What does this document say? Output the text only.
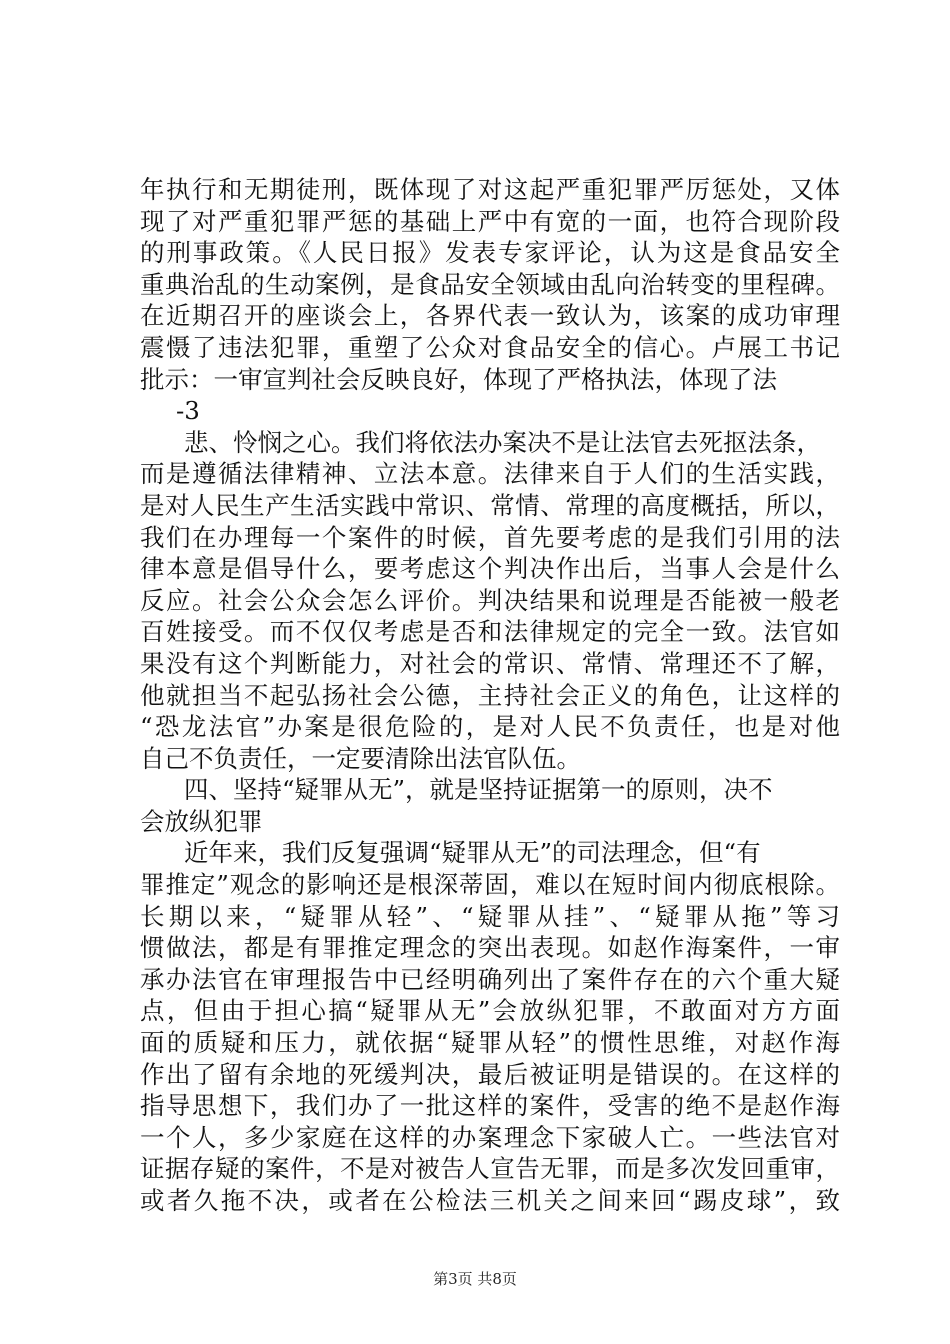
年执行和无期徒刑，既体现了对这起严重犯罪严厉惩处，又体
现了对严重犯罪严惩的基础上严中有宽的一面，也符合现阶段
的刑事政策。《人民日报》发表专家评论，认为这是食品安全
重典治乱的生动案例，是食品安全领域由乱向治转变的里程碑。
在近期召开的座谈会上，各界代表一致认为，该案的成功审理
震慑了违法犯罪，重塑了公众对食品安全的信心。卢展工书记
批示：一审宣判社会反映良好，体现了严格执法，体现了法
-3
悲、怜悯之心。我们将依法办案决不是让法官去死抠法条，
而是遵循法律精神、立法本意。法律来自于人们的生活实践，
是对人民生产生活实践中常识、常情、常理的高度概括，所以，
我们在办理每一个案件的时候，首先要考虑的是我们引用的法
律本意是倡导什么，要考虑这个判决作出后，当事人会是什么
反应。社会公众会怎么评价。判决结果和说理是否能被一般老
百姓接受。而不仅仅考虑是否和法律规定的完全一致。法官如
果没有这个判断能力，对社会的常识、常情、常理还不了解，
他就担当不起弘扬社会公德，主持社会正义的角色，让这样的
“恐龙法官”办案是很危险的，是对人民不负责任，也是对他
自己不负责任，一定要清除出法官队伍。
四、坚持“疑罪从无”，就是坚持证据第一的原则，决不
会放纵犯罪
近年来，我们反复强调“疑罪从无”的司法理念，但“有
罪推定”观念的影响还是根深蒂固，难以在短时间内彻底根除。
长期以来，“疑罪从轻”、“疑罪从挂”、“疑罪从拖”等习
惯做法，都是有罪推定理念的突出表现。如赵作海案件，一审
承办法官在审理报告中已经明确列出了案件存在的六个重大疑
点，但由于担心搞“疑罪从无”会放纵犯罪，不敢面对方方面
面的质疑和压力，就依据“疑罪从轻”的惯性思维，对赵作海
作出了留有余地的死缓判决，最后被证明是错误的。在这样的
指导思想下，我们办了一批这样的案件，受害的绝不是赵作海
一个人，多少家庭在这样的办案理念下家破人亡。一些法官对
证据存疑的案件，不是对被告人宣告无罪，而是多次发回重审，
或者久拖不决，或者在公检法三机关之间来回“踢皮球”，致
第3页 共8页
